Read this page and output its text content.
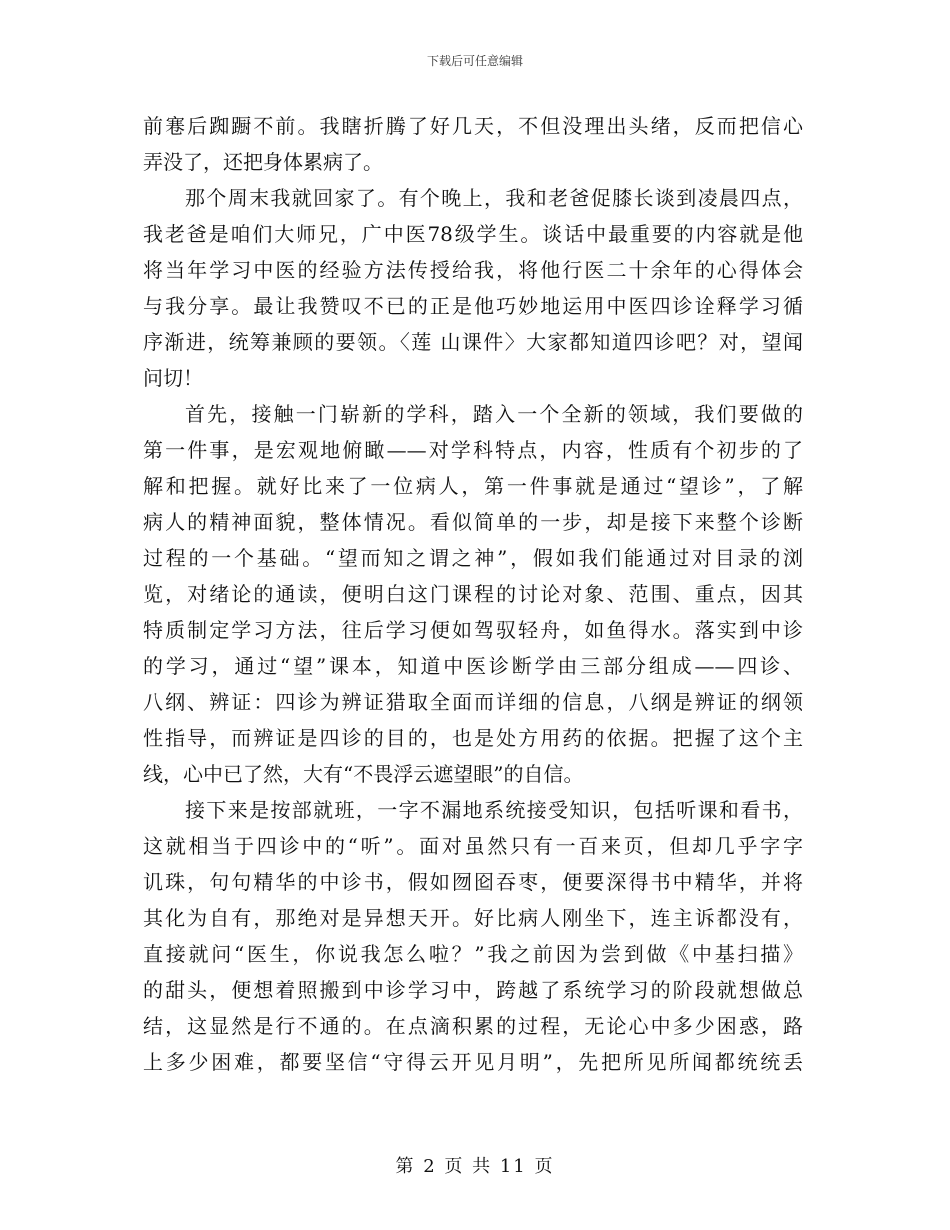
下载后可任意编辑
前寋后踟蹰不前。我瞎折腾了好几天，不但没理出头绪，反而把信心
弄没了，还把身体累病了。
那个周末我就回家了。有个晚上，我和老爸促膝长谈到凌晨四点，
我老爸是咱们大师兄，广中医78级学生。谈话中最重要的内容就是他
将当年学习中医的经验方法传授给我，将他行医二十余年的心得体会
与我分享。最让我赞叹不已的正是他巧妙地运用中医四诊诠释学习循
序渐进，统筹兼顾的要领。〈莲 山课件〉大家都知道四诊吧？对，望闻
问切！
首先，接触一门崭新的学科，踏入一个全新的领域，我们要做的
第一件事，是宏观地俯瞰——对学科特点，内容，性质有个初步的了
解和把握。就好比来了一位病人，第一件事就是通过“望诊”，了解
病人的精神面貌，整体情况。看似简单的一步，却是接下来整个诊断
过程的一个基础。“望而知之谓之神”，假如我们能通过对目录的浏
览，对绪论的通读，便明白这门课程的讨论对象、范围、重点，因其
特质制定学习方法，往后学习便如驾驭轻舟，如鱼得水。落实到中诊
的学习，通过“望”课本，知道中医诊断学由三部分组成——四诊、
八纲、辨证：四诊为辨证猎取全面而详细的信息，八纲是辨证的纲领
性指导，而辨证是四诊的目的，也是处方用药的依据。把握了这个主
线，心中已了然，大有“不畏浮云遮望眼”的自信。
接下来是按部就班，一字不漏地系统接受知识，包括听课和看书，
这就相当于四诊中的“听”。面对虽然只有一百来页，但却几乎字字
讥珠，句句精华的中诊书，假如囫囵吞枣，便要深得书中精华，并将
其化为自有，那绝对是异想天开。好比病人刚坐下，连主诉都没有，
直接就问“医生，你说我怎么啦？”我之前因为尝到做《中基扫描》
的甜头，便想着照搬到中诊学习中，跨越了系统学习的阶段就想做总
结，这显然是行不通的。在点滴积累的过程，无论心中多少困惑，路
上多少困难，都要坚信“守得云开见月明”，先把所见所闻都统统丢
第 2 页 共 11 页
